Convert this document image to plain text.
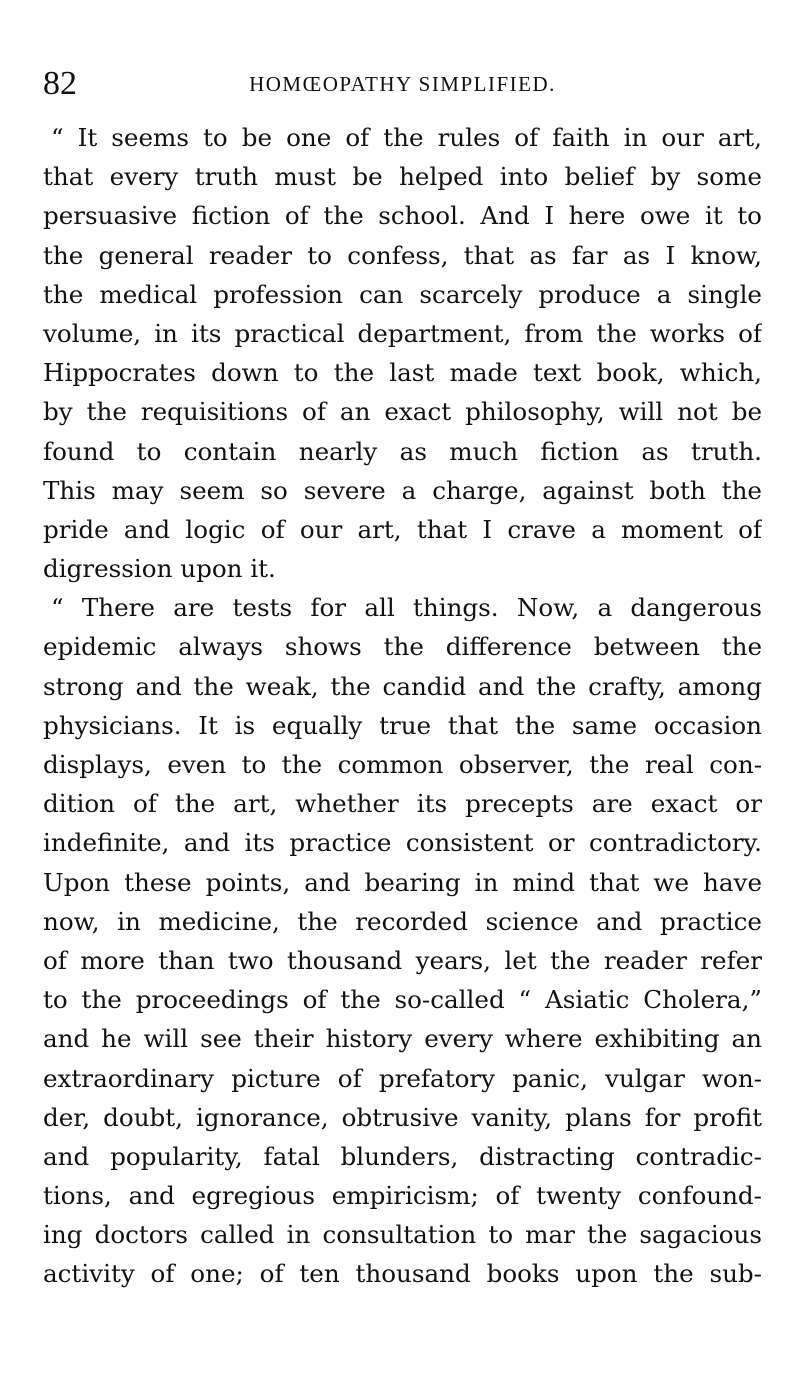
82	HOMŒOPATHY SIMPLIFIED.
“ It seems to be one of the rules of faith in our art,
that every truth must be helped into belief by some
persuasive fiction of the school. And I here owe it to
the general reader to confess, that as far as I know,
the medical profession can scarcely produce a single
volume, in its practical department, from the works of
Hippocrates down to the last made text book, which,
by the requisitions of an exact philosophy, will not be
found to contain nearly as much fiction as truth.
This may seem so severe a charge, against both the
pride and logic of our art, that I crave a moment of
digression upon it.
“ There are tests for all things. Now, a dangerous
epidemic always shows the difference between the
strong and the weak, the candid and the crafty, among
physicians. It is equally true that the same occasion
displays, even to the common observer, the real con-
dition of the art, whether its precepts are exact or
indefinite, and its practice consistent or contradictory.
Upon these points, and bearing in mind that we have
now, in medicine, the recorded science and practice
of more than two thousand years, let the reader refer
to the proceedings of the so-called “ Asiatic Cholera,”
and he will see their history every where exhibiting an
extraordinary picture of prefatory panic, vulgar won-
der, doubt, ignorance, obtrusive vanity, plans for profit
and popularity, fatal blunders, distracting contradic-
tions, and egregious empiricism; of twenty confound-
ing doctors called in consultation to mar the sagacious
activity of one; of ten thousand books upon the sub-
